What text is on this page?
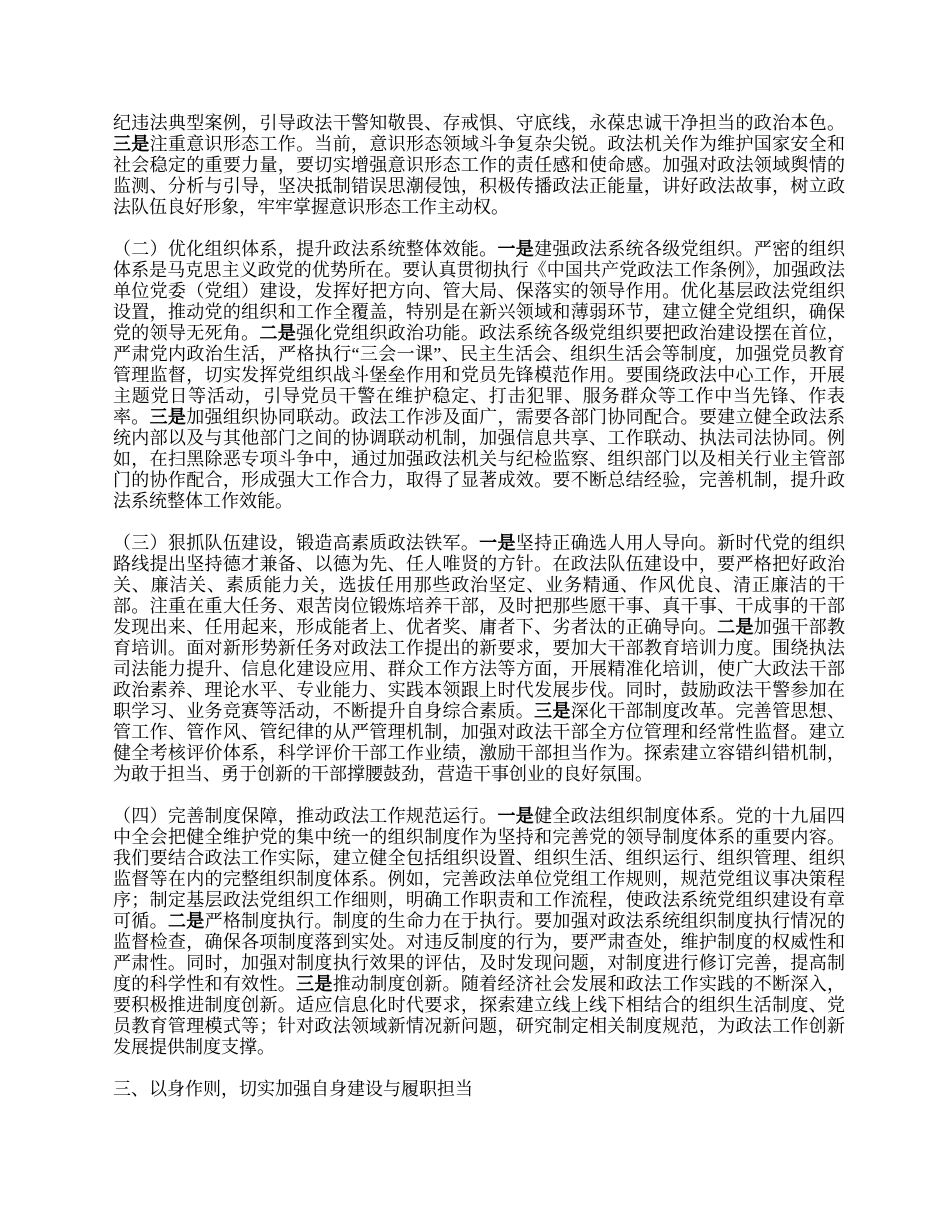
纪违法典型案例，引导政法干警知敬畏、存戒惧、守底线，永葆忠诚干净担当的政治本色。三是注重意识形态工作。当前，意识形态领域斗争复杂尖锐。政法机关作为维护国家安全和社会稳定的重要力量，要切实增强意识形态工作的责任感和使命感。加强对政法领域舆情的监测、分析与引导，坚决抵制错误思潮侵蚀，积极传播政法正能量，讲好政法故事，树立政法队伍良好形象，牢牢掌握意识形态工作主动权。

（二）优化组织体系，提升政法系统整体效能。一是建强政法系统各级党组织。严密的组织体系是马克思主义政党的优势所在。要认真贯彻执行《中国共产党政法工作条例》，加强政法单位党委（党组）建设，发挥好把方向、管大局、保落实的领导作用。优化基层政法党组织设置，推动党的组织和工作全覆盖，特别是在新兴领域和薄弱环节，建立健全党组织，确保党的领导无死角。二是强化党组织政治功能。政法系统各级党组织要把政治建设摆在首位，严肃党内政治生活，严格执行“三会一课”、民主生活会、组织生活会等制度，加强党员教育管理监督，切实发挥党组织战斗堡垒作用和党员先锋模范作用。要围绕政法中心工作，开展主题党日等活动，引导党员干警在维护稳定、打击犯罪、服务群众等工作中当先锋、作表率。三是加强组织协同联动。政法工作涉及面广，需要各部门协同配合。要建立健全政法系统内部以及与其他部门之间的协调联动机制，加强信息共享、工作联动、执法司法协同。例如，在扫黑除恶专项斗争中，通过加强政法机关与纪检监察、组织部门以及相关行业主管部门的协作配合，形成强大工作合力，取得了显著成效。要不断总结经验，完善机制，提升政法系统整体工作效能。

（三）狠抓队伍建设，锻造高素质政法铁军。一是坚持正确选人用人导向。新时代党的组织路线提出坚持德才兼备、以德为先、任人唯贤的方针。在政法队伍建设中，要严格把好政治关、廉洁关、素质能力关，选拔任用那些政治坚定、业务精通、作风优良、清正廉洁的干部。注重在重大任务、艰苦岗位锻炼培养干部，及时把那些愿干事、真干事、干成事的干部发现出来、任用起来，形成能者上、优者奖、庸者下、劣者汰的正确导向。二是加强干部教育培训。面对新形势新任务对政法工作提出的新要求，要加大干部教育培训力度。围绕执法司法能力提升、信息化建设应用、群众工作方法等方面，开展精准化培训，使广大政法干部政治素养、理论水平、专业能力、实践本领跟上时代发展步伐。同时，鼓励政法干警参加在职学习、业务竞赛等活动，不断提升自身综合素质。三是深化干部制度改革。完善管思想、管工作、管作风、管纪律的从严管理机制，加强对政法干部全方位管理和经常性监督。建立健全考核评价体系，科学评价干部工作业绩，激励干部担当作为。探索建立容错纠错机制，为敢于担当、勇于创新的干部撑腰鼓劲，营造干事创业的良好氛围。

（四）完善制度保障，推动政法工作规范运行。一是健全政法组织制度体系。党的十九届四中全会把健全维护党的集中统一的组织制度作为坚持和完善党的领导制度体系的重要内容。我们要结合政法工作实际，建立健全包括组织设置、组织生活、组织运行、组织管理、组织监督等在内的完整组织制度体系。例如，完善政法单位党组工作规则，规范党组议事决策程序；制定基层政法党组织工作细则，明确工作职责和工作流程，使政法系统党组织建设有章可循。二是严格制度执行。制度的生命力在于执行。要加强对政法系统组织制度执行情况的监督检查，确保各项制度落到实处。对违反制度的行为，要严肃查处，维护制度的权威性和严肃性。同时，加强对制度执行效果的评估，及时发现问题，对制度进行修订完善，提高制度的科学性和有效性。三是推动制度创新。随着经济社会发展和政法工作实践的不断深入，要积极推进制度创新。适应信息化时代要求，探索建立线上线下相结合的组织生活制度、党员教育管理模式等；针对政法领域新情况新问题，研究制定相关制度规范，为政法工作创新发展提供制度支撑。

三、以身作则，切实加强自身建设与履职担当
